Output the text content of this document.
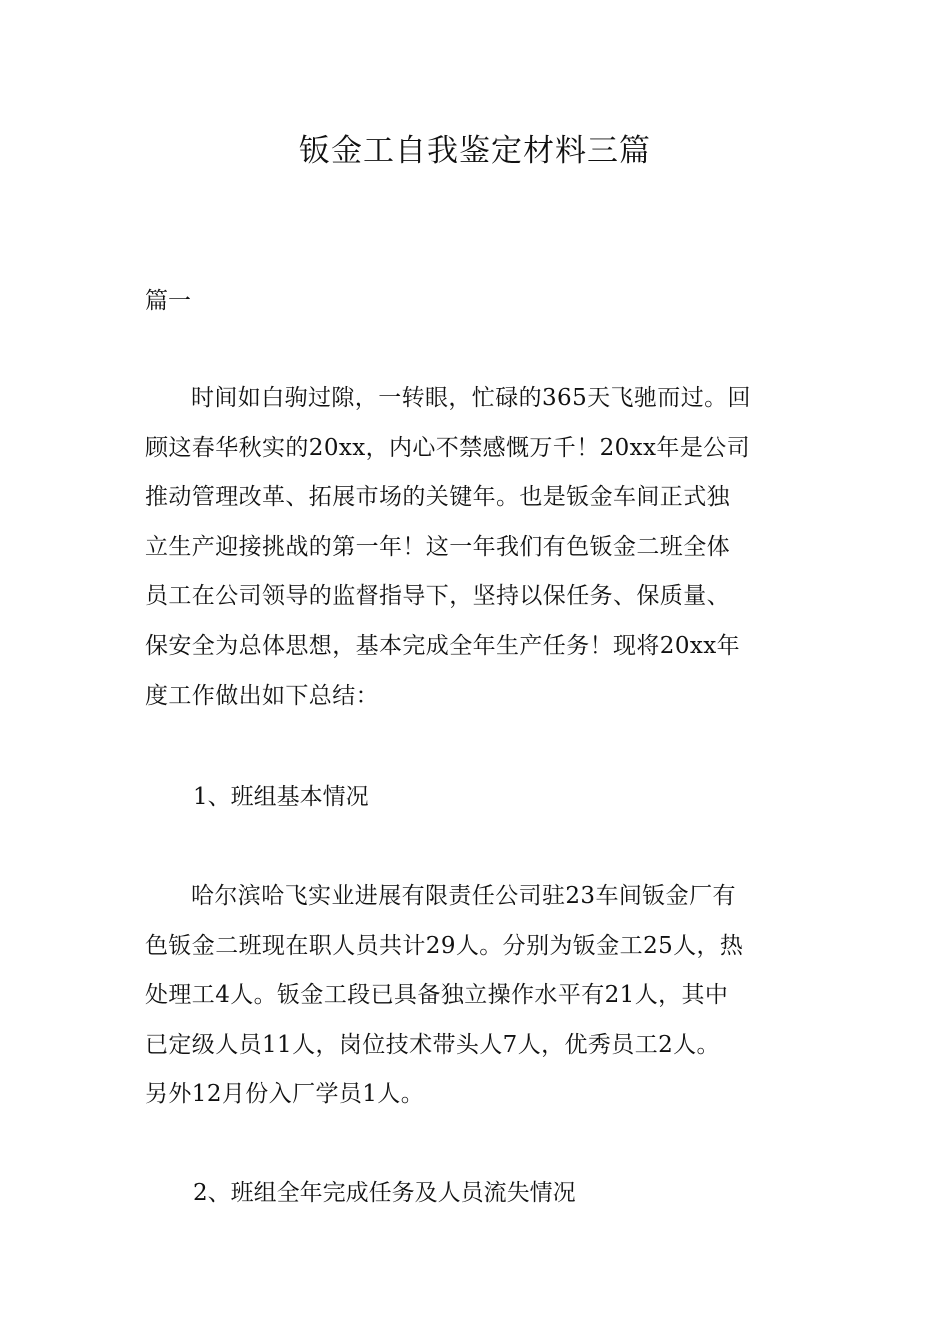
钣金工自我鉴定材料三篇

篇一

时间如白驹过隙，一转眼，忙碌的365天飞驰而过。回
顾这春华秋实的20xx，内心不禁感慨万千！20xx年是公司
推动管理改革、拓展市场的关键年。也是钣金车间正式独
立生产迎接挑战的第一年！这一年我们有色钣金二班全体
员工在公司领导的监督指导下，坚持以保任务、保质量、
保安全为总体思想，基本完成全年生产任务！现将20xx年
度工作做出如下总结：

1、班组基本情况

哈尔滨哈飞实业进展有限责任公司驻23车间钣金厂有
色钣金二班现在职人员共计29人。分别为钣金工25人，热
处理工4人。钣金工段已具备独立操作水平有21人，其中
已定级人员11人，岗位技术带头人7人，优秀员工2人。
另外12月份入厂学员1人。

2、班组全年完成任务及人员流失情况
